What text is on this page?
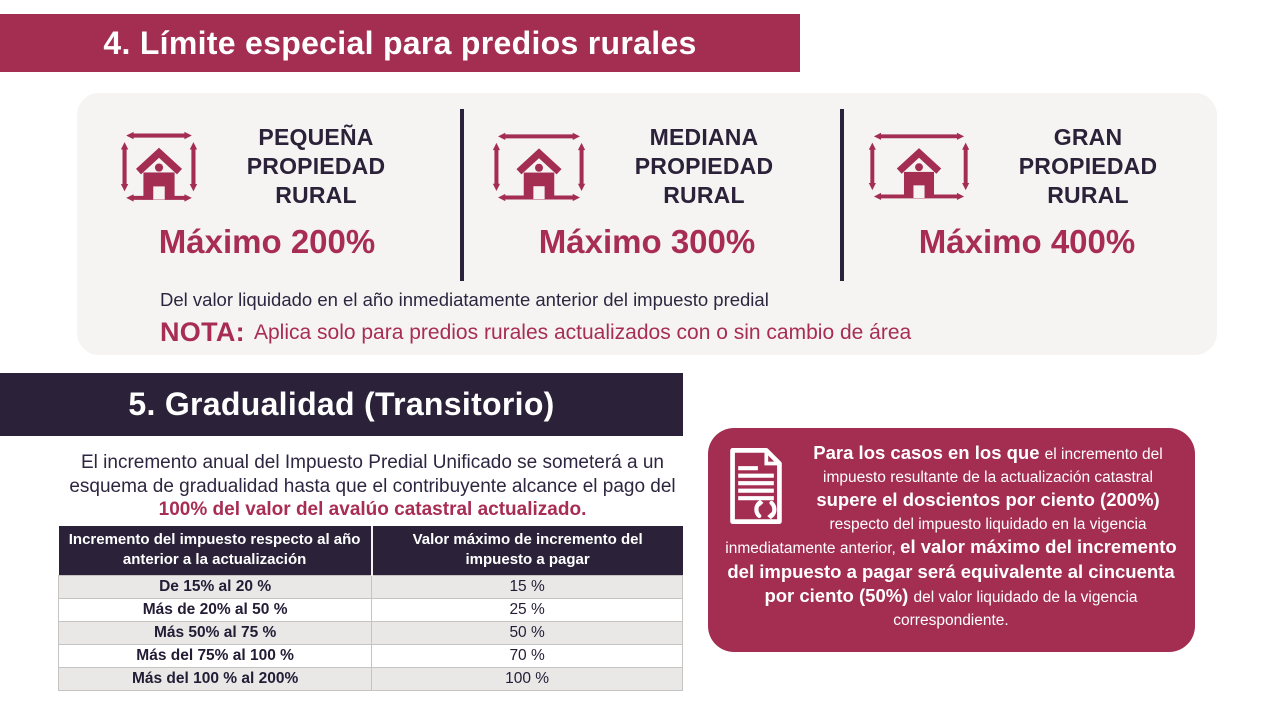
4. Límite especial para predios rurales
PEQUEÑA PROPIEDAD RURAL
Máximo 200%
MEDIANA PROPIEDAD RURAL
Máximo 300%
GRAN PROPIEDAD RURAL
Máximo 400%
Del valor liquidado en el año inmediatamente anterior del impuesto predial
NOTA: Aplica solo para predios rurales actualizados con o sin cambio de área
5. Gradualidad (Transitorio)

El incremento anual del Impuesto Predial Unificado se someterá a un esquema de gradualidad hasta que el contribuyente alcance el pago del 100% del valor del avalúo catastral actualizado.

Incremento del impuesto respecto al año anterior a la actualización	Valor máximo de incremento del impuesto a pagar
De 15% al 20 %	15 %
Más de 20% al 50 %	25 %
Más 50% al 75 %	50 %
Más del 75% al 100 %	70 %
Más del 100 % al 200%	100 %
Para los casos en los que el incremento del impuesto resultante de la actualización catastral supere el doscientos por ciento (200%) respecto del impuesto liquidado en la vigencia inmediatamente anterior, el valor máximo del incremento del impuesto a pagar será equivalente al cincuenta por ciento (50%) del valor liquidado de la vigencia correspondiente.
